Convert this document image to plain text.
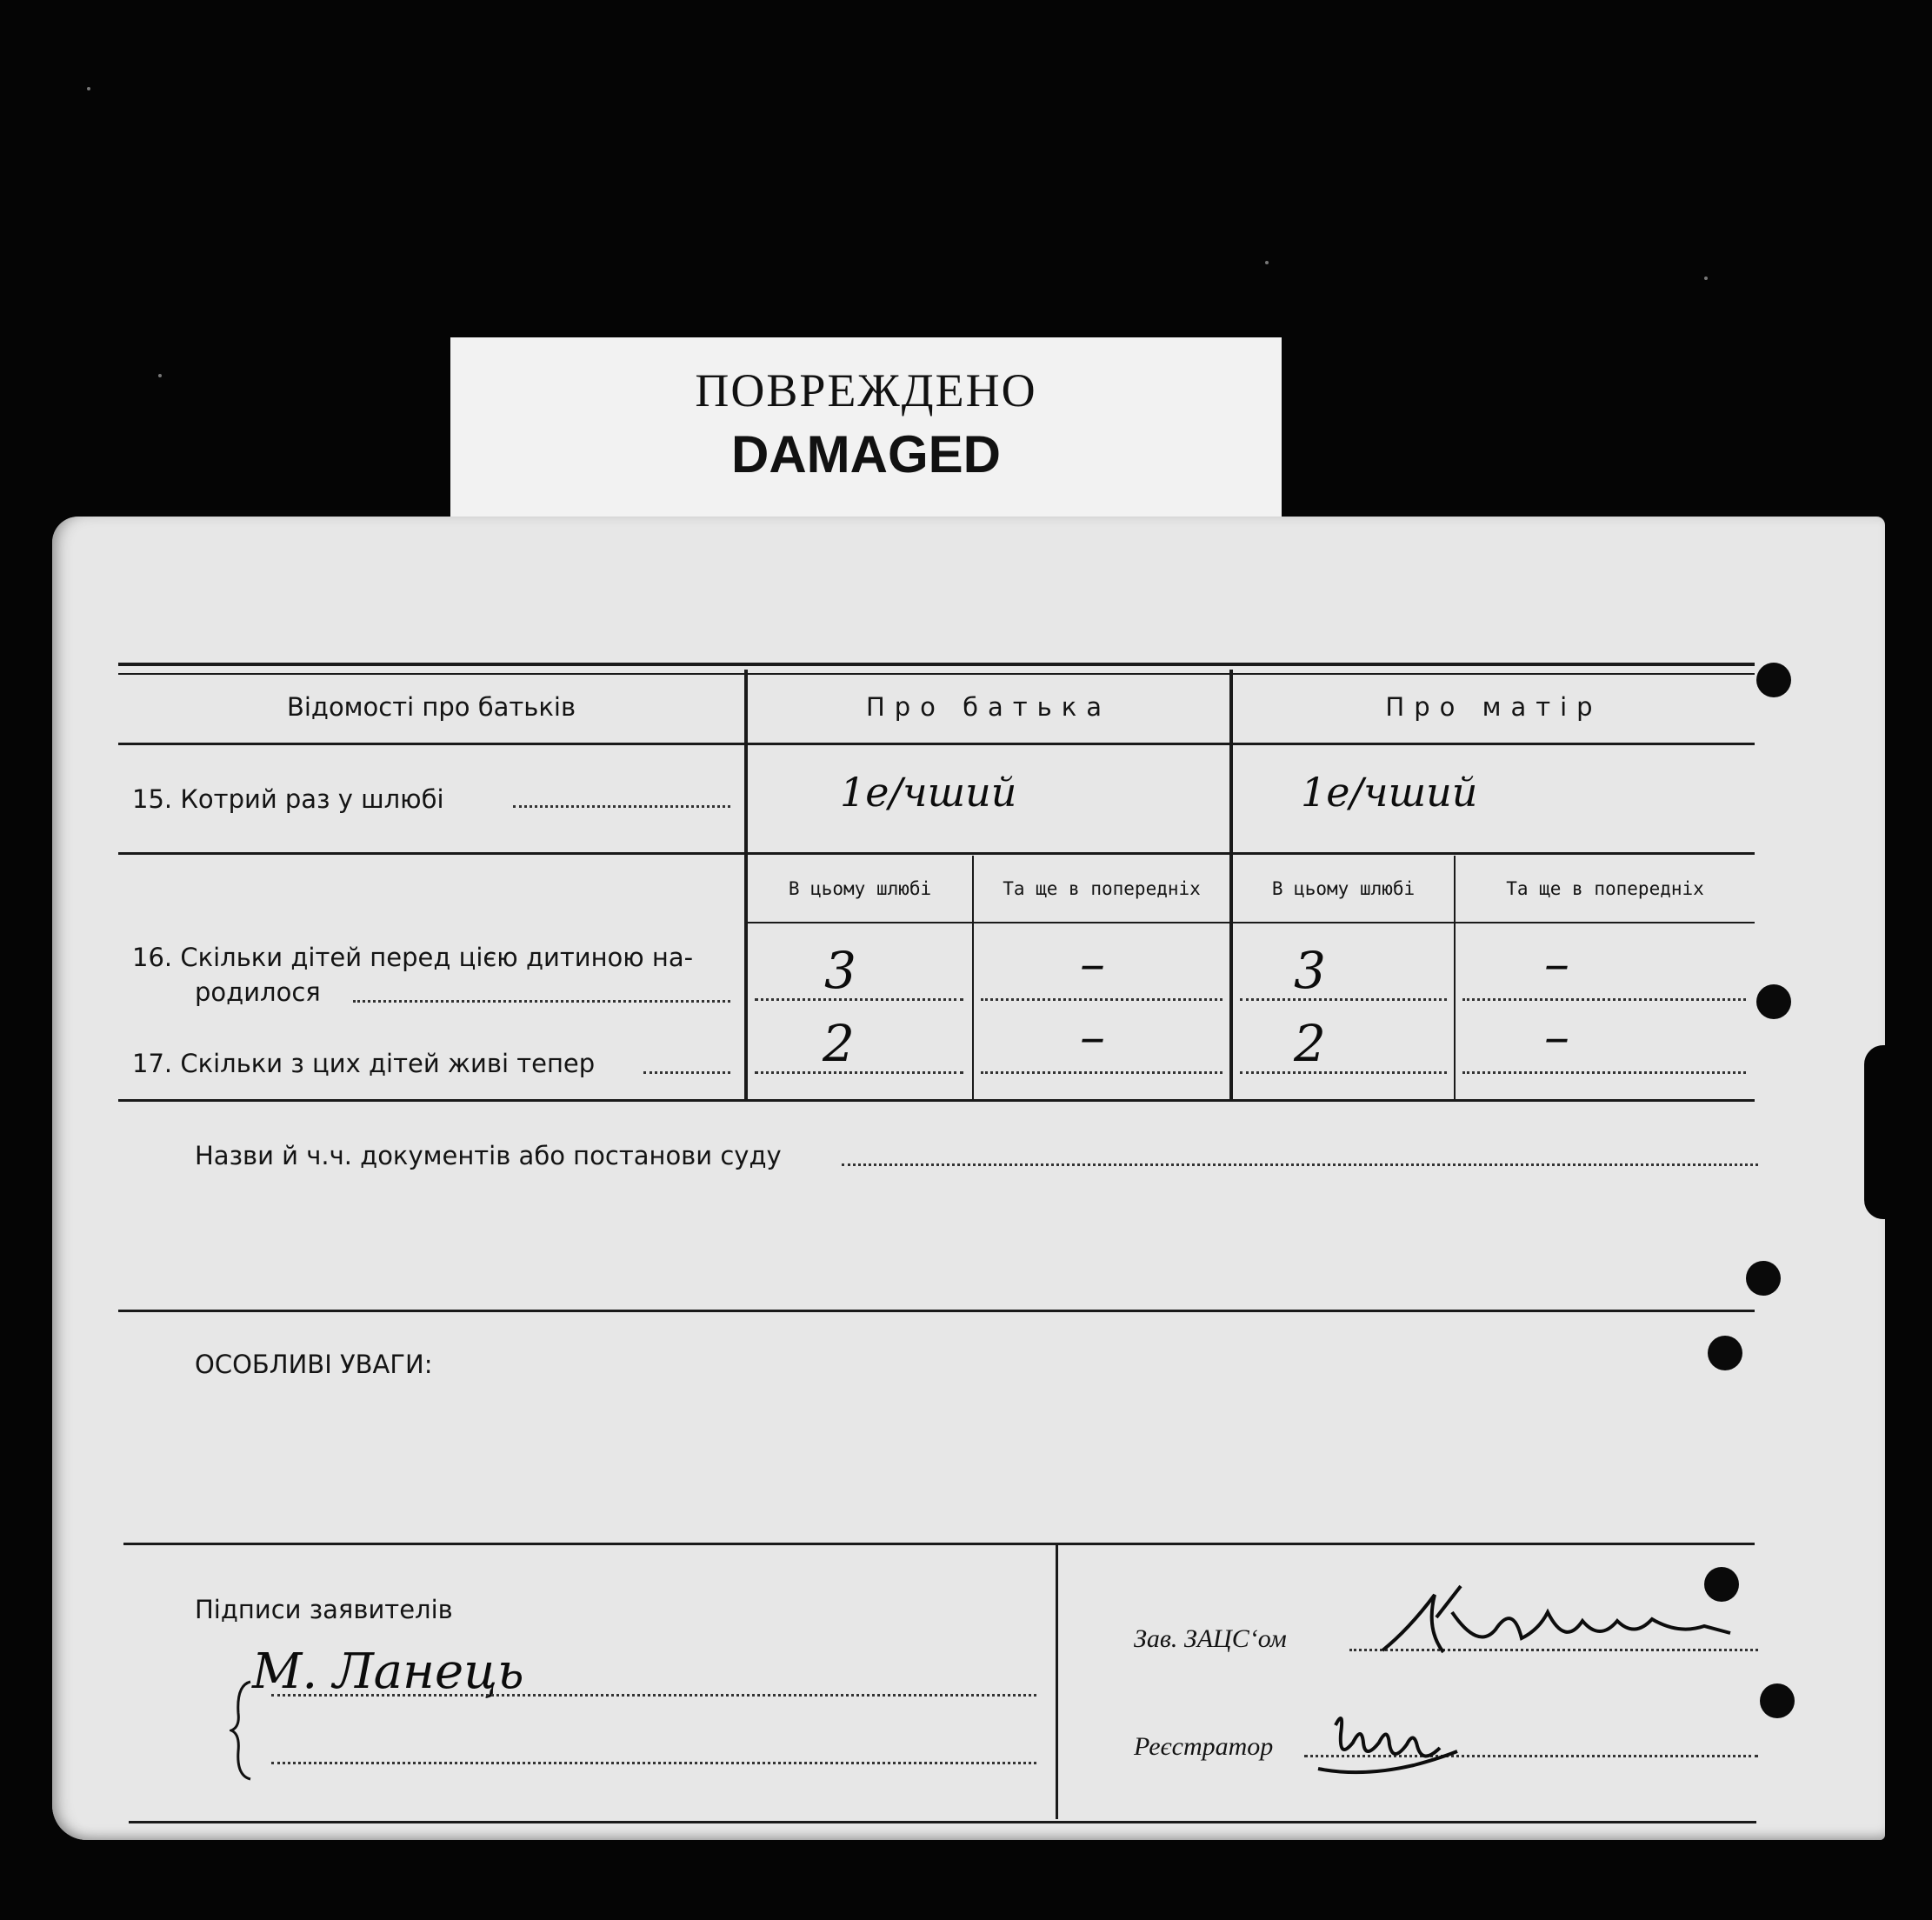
ПОВРЕЖДЕНО
DAMAGED
Відомості про батьків	Про батька	Про матір
15. Котрий раз у шлюбі	1е/чший	1е/чший
В цьому шлюбі	Та ще в попередніх	В цьому шлюбі	Та ще в попередніх
16. Скільки дітей перед цією дитиною на-
родилося	3	–	3	–
17. Скільки з цих дітей живі тепер	2	–	2	–
Назви й ч.ч. документів або постанови суду
ОСОБЛИВІ УВАГИ:
Підписи заявителів
М. Ланець
Зав. ЗАЦС‘ом
Реєстратор
